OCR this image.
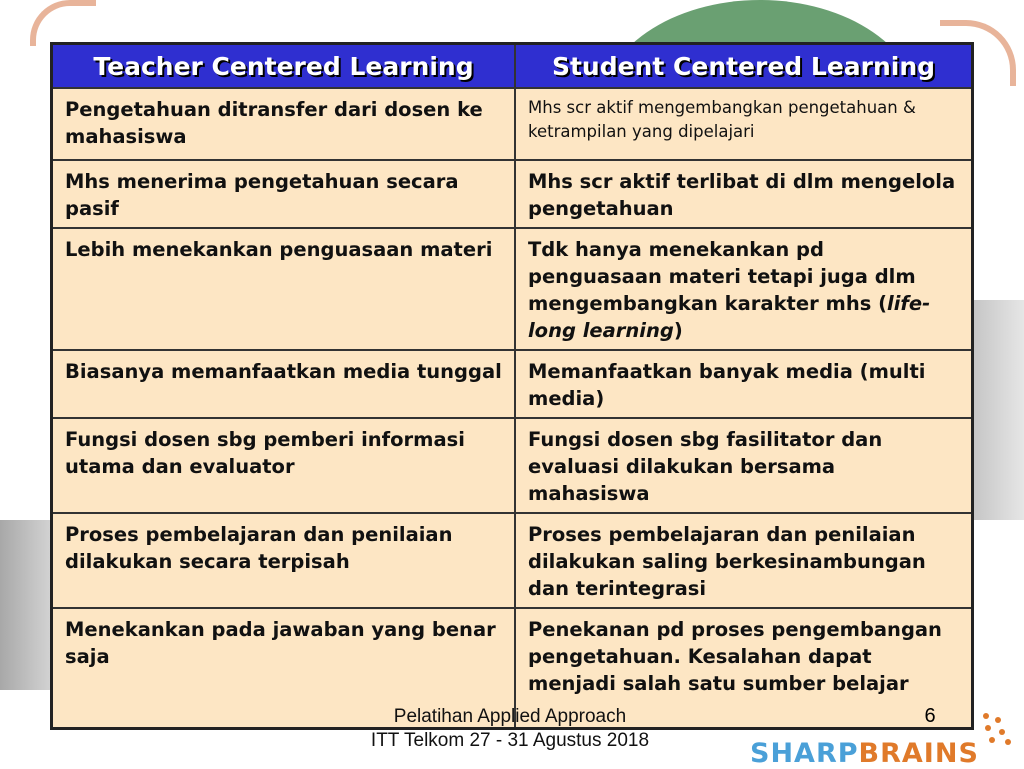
Teacher Centered Learning	Student Centered Learning
Pengetahuan ditransfer dari dosen ke mahasiswa	Mhs scr aktif mengembangkan pengetahuan & ketrampilan yang dipelajari
Mhs menerima pengetahuan secara pasif	Mhs scr aktif terlibat di dlm mengelola pengetahuan
Lebih menekankan penguasaan materi	Tdk hanya menekankan pd penguasaan materi tetapi juga dlm mengembangkan karakter mhs (life-long learning)
Biasanya memanfaatkan media tunggal	Memanfaatkan banyak media (multi media)
Fungsi dosen sbg pemberi informasi utama dan evaluator	Fungsi dosen sbg fasilitator dan evaluasi dilakukan bersama mahasiswa
Proses pembelajaran dan penilaian dilakukan secara terpisah	Proses pembelajaran dan penilaian dilakukan saling berkesinambungan dan terintegrasi
Menekankan pada jawaban yang benar saja	Penekanan pd proses pengembangan pengetahuan. Kesalahan dapat menjadi salah satu sumber belajar
Pelatihan Applied Approach
ITT Telkom 27 - 31 Agustus 2018
6
SHARPBRAINS
